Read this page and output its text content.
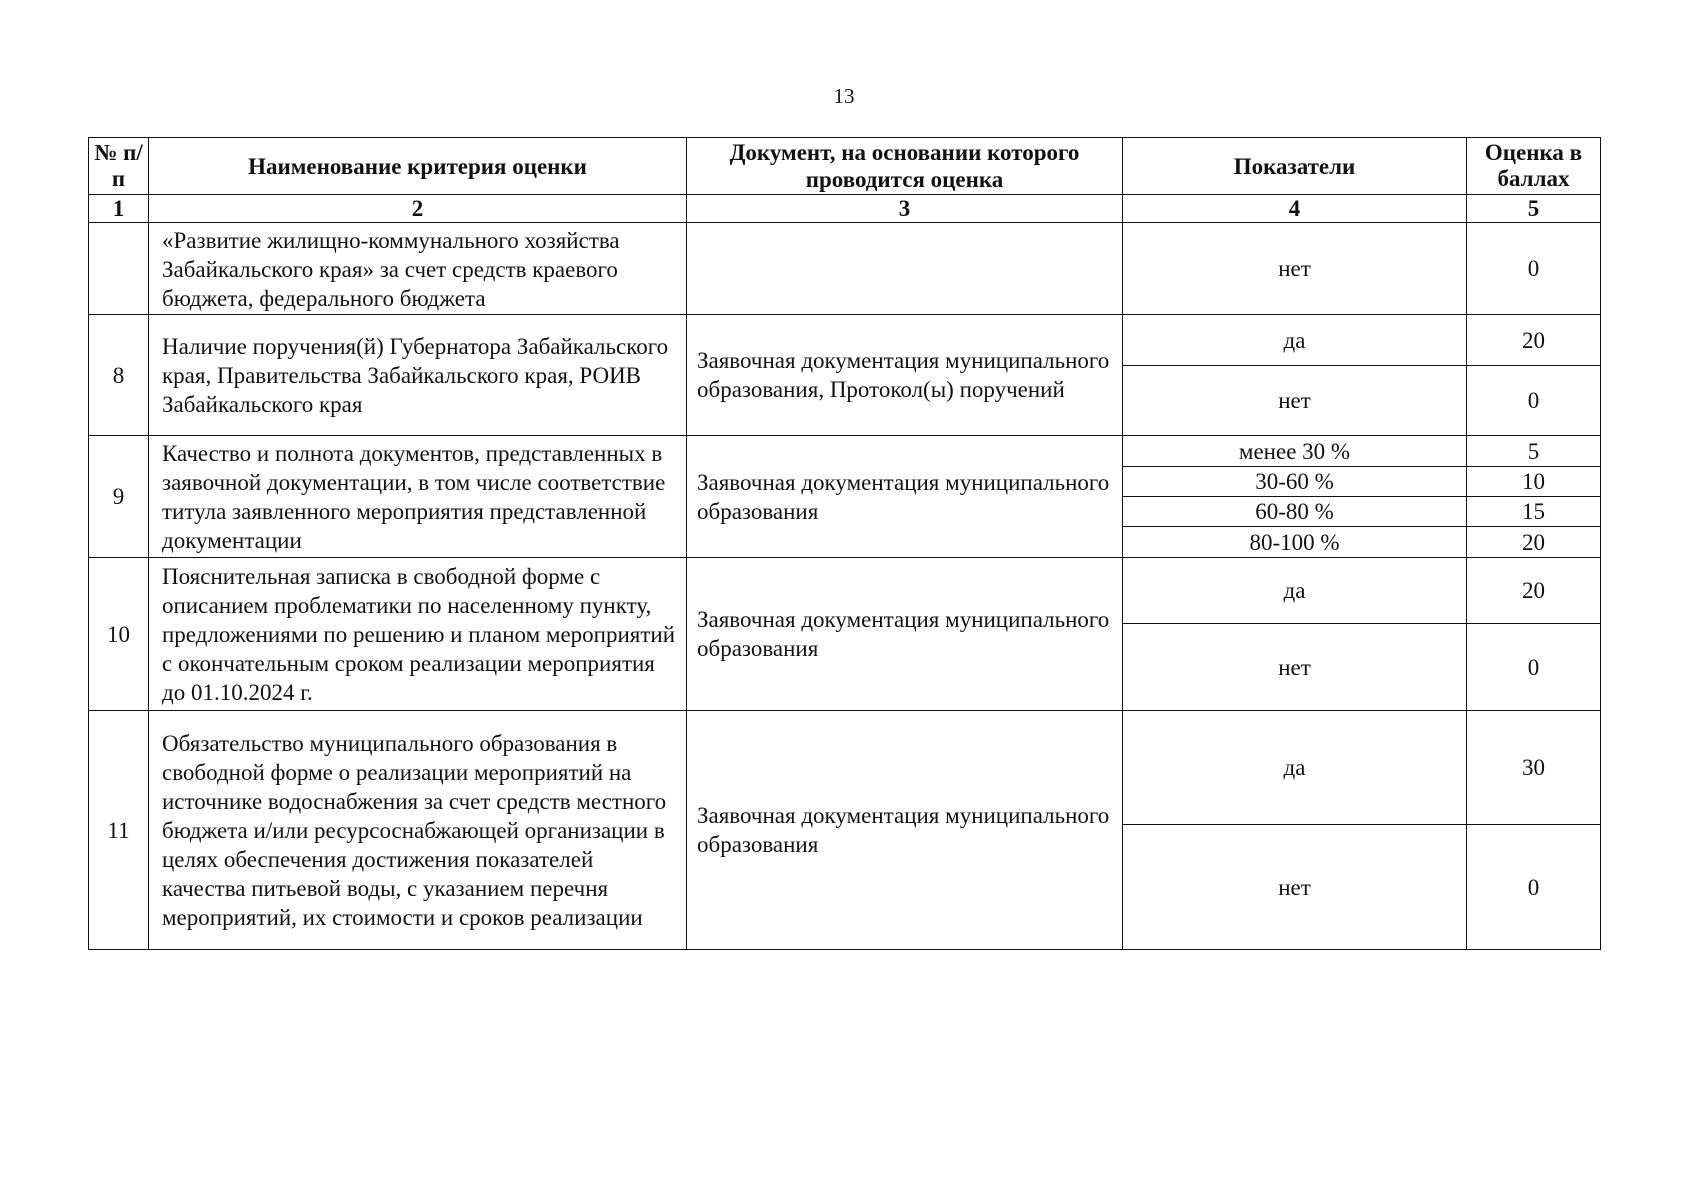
13
№ п/п	Наименование критерия оценки	Документ, на основании которого проводится оценка	Показатели	Оценка в баллах
1	2	3	4	5
	«Развитие жилищно-коммунального хозяйства Забайкальского края» за счет средств краевого бюджета, федерального бюджета		нет	0
8	Наличие поручения(й) Губернатора Забайкальского края, Правительства Забайкальского края, РОИВ Забайкальского края	Заявочная документация муниципального образования, Протокол(ы) поручений	да	20
			нет	0
9	Качество и полнота документов, представленных в заявочной документации, в том числе соответствие титула заявленного мероприятия представленной документации	Заявочная документация муниципального образования	менее 30 %	5
			30-60 %	10
			60-80 %	15
			80-100 %	20
10	Пояснительная записка в свободной форме с описанием проблематики по населенному пункту, предложениями по решению и планом мероприятий с окончательным сроком реализации мероприятия до 01.10.2024 г.	Заявочная документация муниципального образования	да	20
			нет	0
11	Обязательство муниципального образования в свободной форме о реализации мероприятий на источнике водоснабжения за счет средств местного бюджета и/или ресурсоснабжающей организации в целях обеспечения достижения показателей качества питьевой воды, с указанием перечня мероприятий, их стоимости и сроков реализации	Заявочная документация муниципального образования	да	30
			нет	0
